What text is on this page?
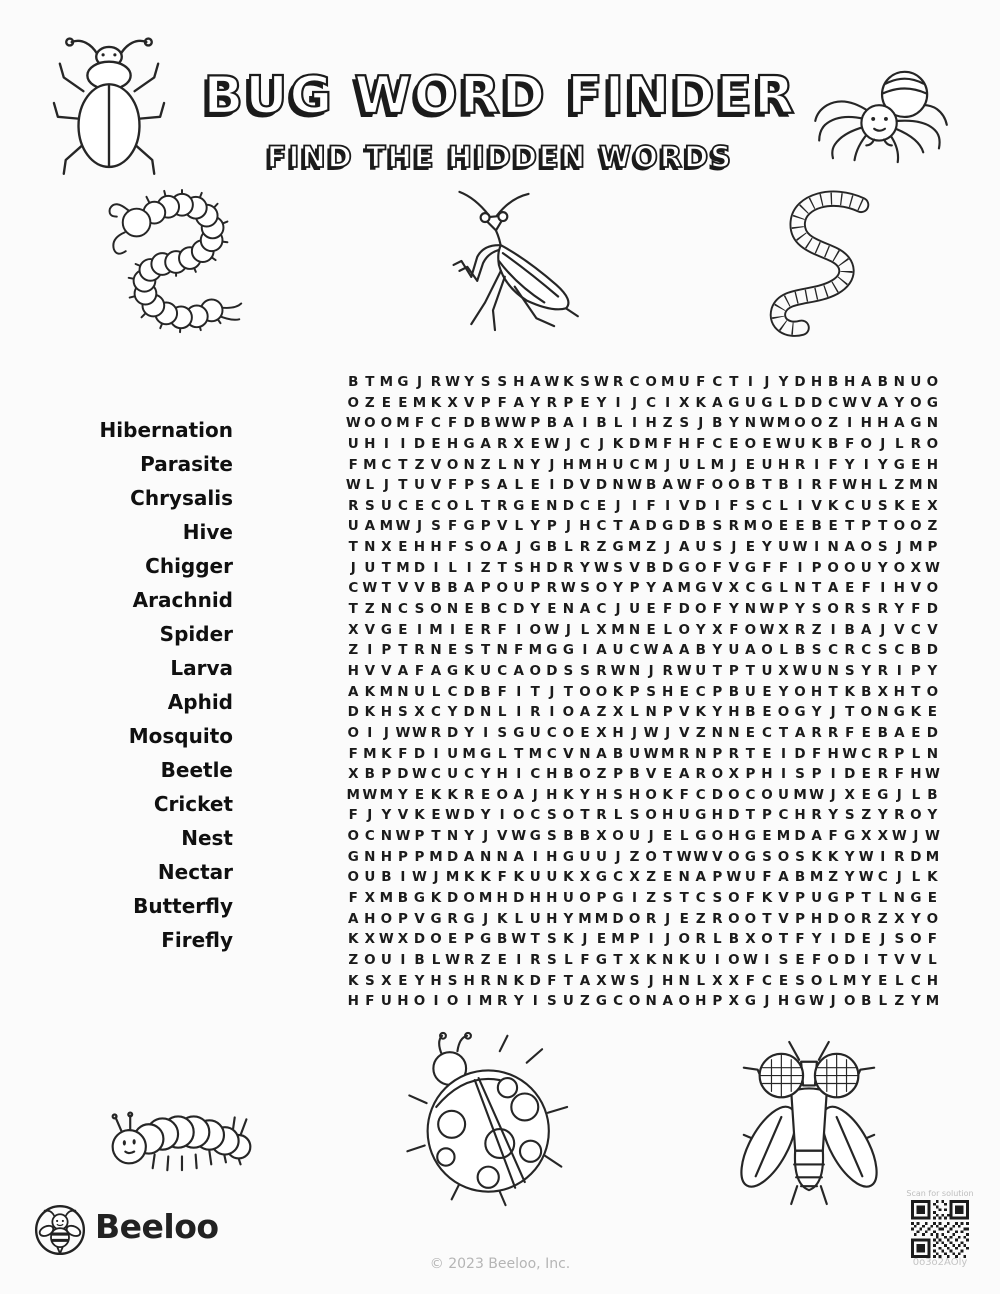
BUG WORD FINDER
FIND THE HIDDEN WORDS
Hibernation
Parasite
Chrysalis
Hive
Chigger
Arachnid
Spider
Larva
Aphid
Mosquito
Beetle
Cricket
Nest
Nectar
Butterfly
Firefly
B T M G J R W Y S S H A W K S W R C O M U F C T I J Y D H B H A B N U O
O Z E E M K X V P F A Y R P E Y I J C I X K A G U G L D D C W V A Y O G
W O O M F C F D B W W P B A I B L I H Z S J B Y N W M O O Z I H H A G N
U H I I D E H G A R X E W J C J K D M F H F C E O E W U K B F O J L R O
F M C T Z V O N Z L N Y J H M H U C M J U L M J E U H R I F Y I Y G E H
W L J T U V F P S A L E I D V D N W B A W F O O B T B I R F W H L Z M N
R S U C E C O L T R G E N D C E J I F I V D I F S C L I V K C U S K E X
U A M W J S F G P V L Y P J H C T A D G D B S R M O E E B E T P T O O Z
T N X E H H F S O A J G B L R Z G M Z J A U S J E Y U W I N A O S J M P
J U T M D I L I Z T S H D R Y W S V B D G O F V G F F I P O O U Y O X W
C W T V V B B A P O U P R W S O Y P Y A M G V X C G L N T A E F I H V O
T Z N C S O N E B C D Y E N A C J U E F D O F Y N W P Y S O R S R Y F D
X V G E I M I E R F I O W J L X M N E L O Y X F O W X R Z I B A J V C V
Z I P T R N E S T N F M G G I A U C W A A B Y U A O L B S C R C S C B D
H V V A F A G K U C A O D S S R W N J R W U T P T U X W U N S Y R I P Y
A K M N U L C D B F I T J T O O K P S H E C P B U E Y O H T K B X H T O
D K H S X C Y D N L I R I O A Z X L N P V K Y H B E O G Y J T O N G K E
O I J W W R D Y I S G U C O E X H J W J V Z N N E C T A R R F E B A E D
F M K F D I U M G L T M C V N A B U W M R N P R T E I D F H W C R P L N
X B P D W C U C Y H I C H B O Z P B V E A R O X P H I S P I D E R F H W
M W M Y E K K R E O A J H K Y H S H O K F C D O C O U M W J X E G J L B
F J Y V K E W D Y I O C S O T R L S O H U G H D T P C H R Y S Z Y R O Y
O C N W P T N Y J V W G S B B X O U J E L G O H G E M D A F G X X W J W
G N H P P M D A N N A I H G U U J Z O T W W V O G S O S K K Y W I R D M
O U B I W J M K K F K U U K X G C X Z E N A P W U F A B M Z Y W C J L K
F X M B G K D O M H D H H U O P G I Z S T C S O F K V P U G P T L N G E
A H O P V G R G J K L U H Y M M D O R J E Z R O O T V P H D O R Z X Y O
K X W X D O E P G B W T S K J E M P I J O R L B X O T F Y I D E J S O F
Z O U I B L W R Z E I R S L F G T X K N K U I O W I S E F O D I T V V L
K S X E Y H S H R N K D F T A X W S J H N L X X F C E S O L M Y E L C H
H F U H O I O I M R Y I S U Z G C O N A O H P X G J H G W J O B L Z Y M
Beeloo
© 2023 Beeloo, Inc.
Scan for solution
0o3o2AOly
